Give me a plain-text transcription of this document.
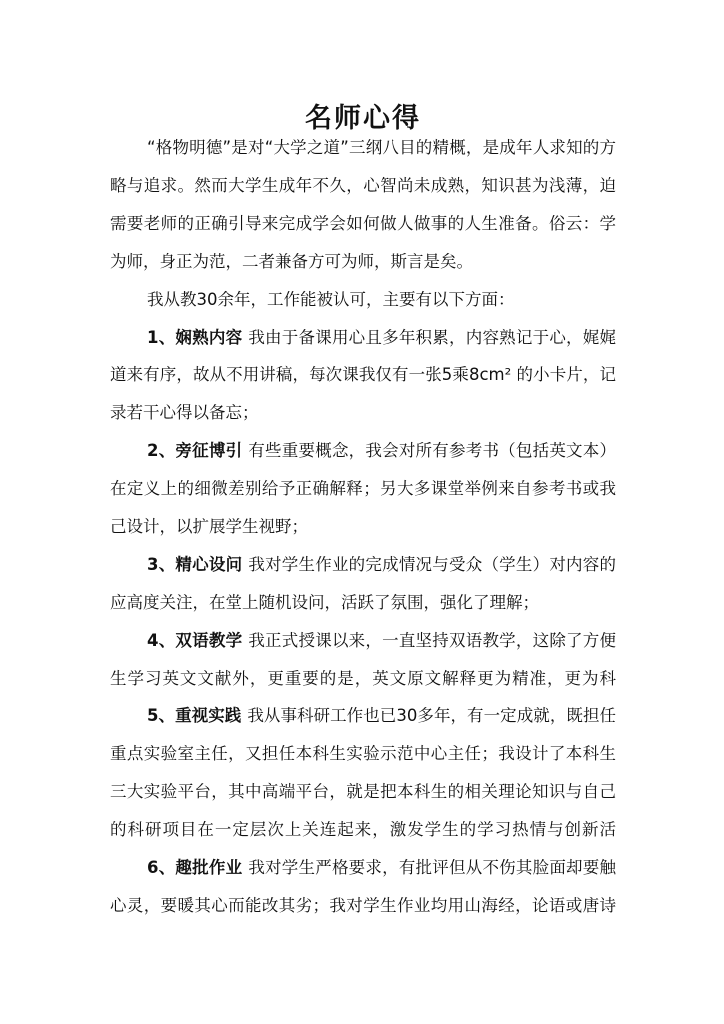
名师心得
“格物明德”是对“大学之道”三纲八目的精概，是成年人求知的方
略与追求。然而大学生成年不久，心智尚未成熟，知识甚为浅薄，迫
需要老师的正确引导来完成学会如何做人做事的人生准备。俗云：学
为师，身正为范，二者兼备方可为师，斯言是矣。
我从教30余年，工作能被认可，主要有以下方面：
1、娴熟内容 我由于备课用心且多年积累，内容熟记于心，娓娓
道来有序，故从不用讲稿，每次课我仅有一张5乘8cm² 的小卡片，记
录若干心得以备忘；
2、旁征博引 有些重要概念，我会对所有参考书（包括英文本）
在定义上的细微差别给予正确解释；另大多课堂举例来自参考书或我
己设计，以扩展学生视野；
3、精心设问 我对学生作业的完成情况与受众（学生）对内容的
应高度关注，在堂上随机设问，活跃了氛围，强化了理解；
4、双语教学 我正式授课以来，一直坚持双语教学，这除了方便
生学习英文文献外，更重要的是，英文原文解释更为精准，更为科
5、重视实践 我从事科研工作也已30多年，有一定成就，既担任
重点实验室主任，又担任本科生实验示范中心主任；我设计了本科生
三大实验平台，其中高端平台，就是把本科生的相关理论知识与自己
的科研项目在一定层次上关连起来，激发学生的学习热情与创新活
6、趣批作业 我对学生严格要求，有批评但从不伤其脸面却要触
心灵，要暖其心而能改其劣；我对学生作业均用山海经，论语或唐诗
